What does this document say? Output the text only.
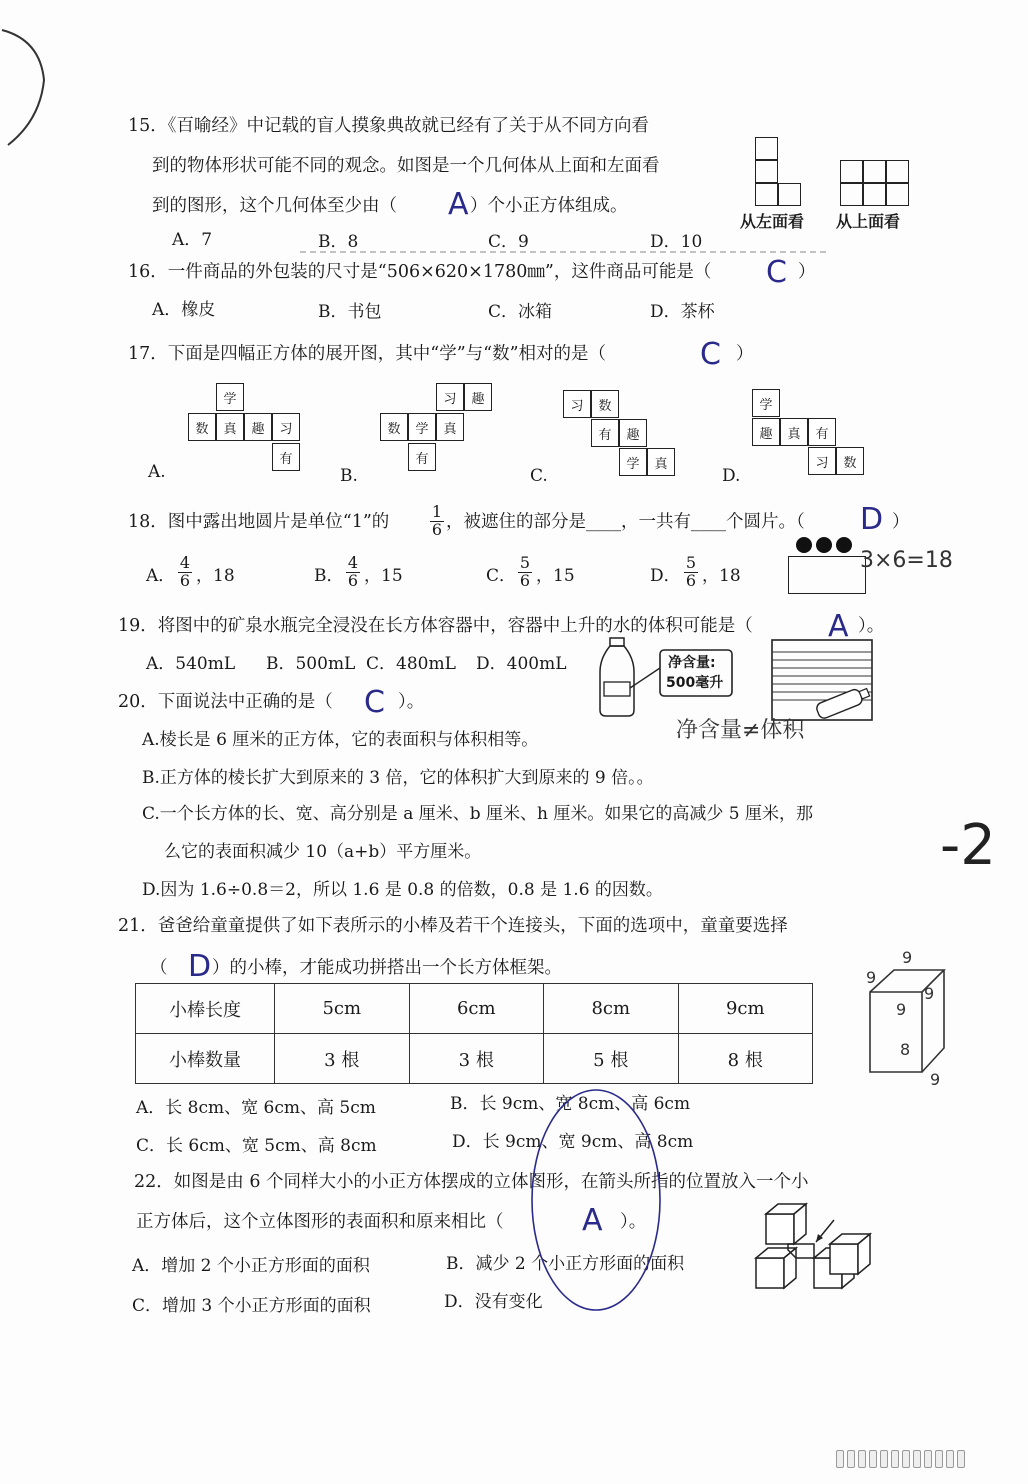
15．《百喻经》中记载的盲人摸象典故就已经有了关于从不同方向看
到的物体形状可能不同的观念。如图是一个几何体从上面和左面看
到的图形，这个几何体至少由（ A ）个小正方体组成。
A．7	B．8	C．9	D．10
从左面看 从上面看
16．一件商品的外包装的尺寸是“506×620×1780㎜”，这件商品可能是（ C ）
A．橡皮	B．书包	C．冰箱	D．茶杯
17．下面是四幅正方体的展开图，其中“学”与“数”相对的是（	C ）
学
数	真	趣	习
有
A.
习	趣
数	学	真
有
B.
习	数
有	趣
学	真
C.
学
趣	真	有
习	数
D.
18．图中露出地圆片是单位“1”的
1
6 ，被遮住的部分是____，一共有____个圆片。（ D ）
A．
4
6 ，18	B．
4
6 ，15	C．
5
6 ，15	D．
5
6 ，18
3×6=18
19．将图中的矿泉水瓶完全浸没在长方体容器中，容器中上升的水的体积可能是（	A ）。
A．540mL B．500mL C．480mL D．400mL	净含量:
500毫升
净含量≠体积
20．下面说法中正确的是（ C ）。
A.棱长是 6 厘米的正方体，它的表面积与体积相等。
B.正方体的棱长扩大到原来的 3 倍，它的体积扩大到原来的 9 倍。。
C.一个长方体的长、宽、高分别是 a 厘米、b 厘米、h 厘米。如果它的高减少 5 厘米，那
么它的表面积减少 10（a+b）平方厘米。
D.因为 1.6÷0.8＝2，所以 1.6 是 0.8 的倍数，0.8 是 1.6 的因数。
-2
21．爸爸给童童提供了如下表所示的小棒及若干个连接头，下面的选项中，童童要选择
（ D ）的小棒，才能成功拼搭出一个长方体框架。
小棒长度	5cm	6cm	8cm	9cm
小棒数量	3 根	3 根	5 根	8 根
A．长 8cm、宽 6cm、高 5cm	B．长 9cm、宽 8cm、高 6cm
C．长 6cm、宽 5cm、高 8cm	D．长 9cm、宽 9cm、高 8cm
9
9
9
9
8
9
22．如图是由 6 个同样大小的小正方体摆成的立体图形，在箭头所指的位置放入一个小
正方体后，这个立体图形的表面积和原来相比（	A ）。
A．增加 2 个小正方形面的面积	B．减少 2 个小正方形面的面积
C．增加 3 个小正方形面的面积	D．没有变化
